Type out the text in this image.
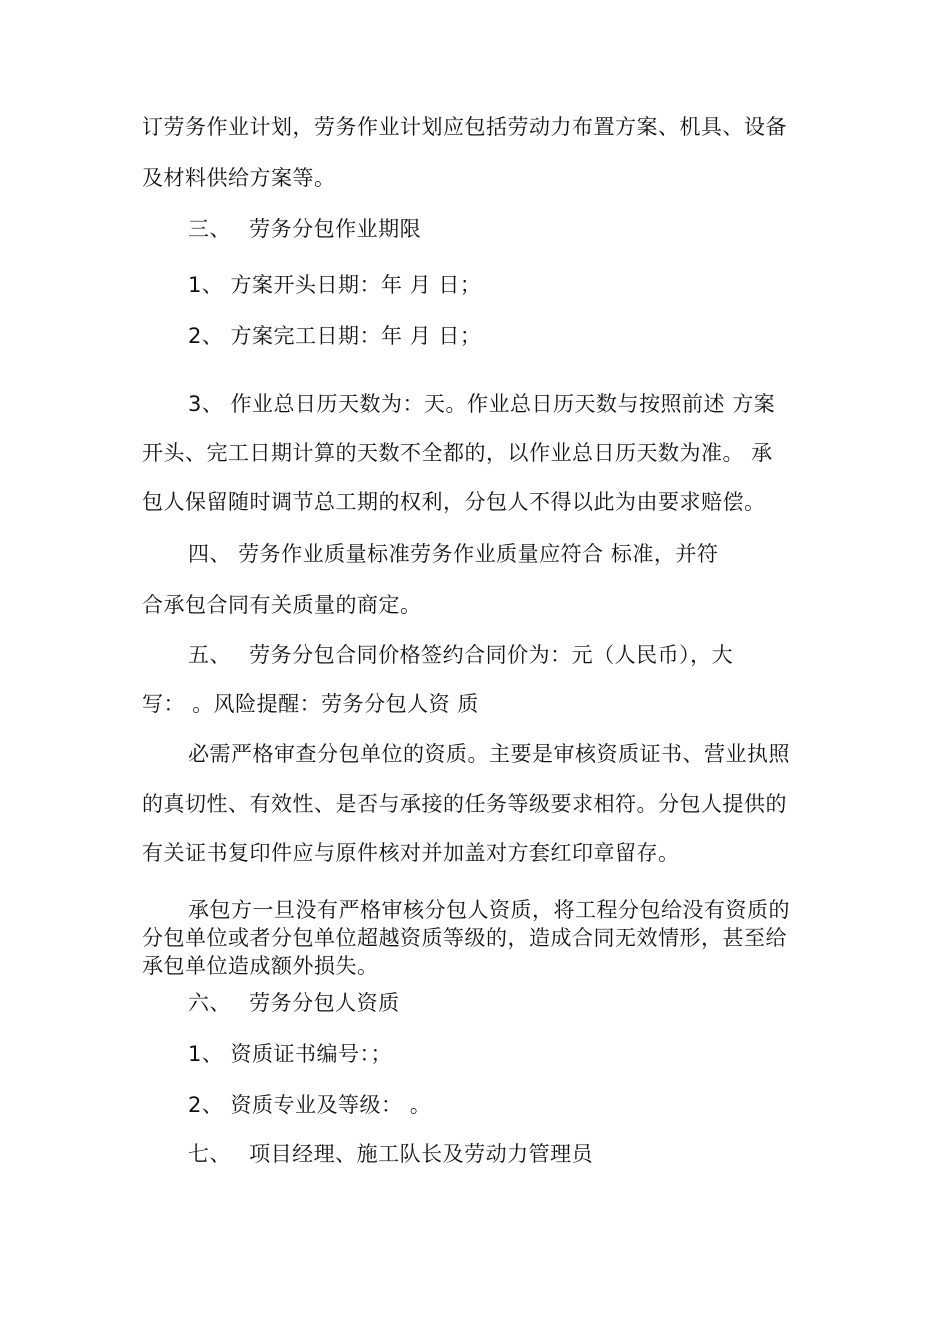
订劳务作业计划，劳务作业计划应包括劳动力布置方案、机具、设备
及材料供给方案等。
三、　 劳务分包作业期限
1、 方案开头日期：年 月 日；
2、 方案完工日期：年 月 日；
3、 作业总日历天数为：天。作业总日历天数与按照前述 方案
开头、完工日期计算的天数不全都的，以作业总日历天数为准。 承
包人保留随时调节总工期的权利，分包人不得以此为由要求赔偿。
四、 劳务作业质量标准劳务作业质量应符合 标准，并符
合承包合同有关质量的商定。
五、　 劳务分包合同价格签约合同价为：元（人民币），大
写： 。风险提醒：劳务分包人资 质
必需严格审查分包单位的资质。主要是审核资质证书、营业执照
的真切性、有效性、是否与承接的任务等级要求相符。分包人提供的
有关证书复印件应与原件核对并加盖对方套红印章留存。
承包方一旦没有严格审核分包人资质，将工程分包给没有资质的
分包单位或者分包单位超越资质等级的，造成合同无效情形，甚至给
承包单位造成额外损失。
六、　 劳务分包人资质
1、 资质证书编号：；
2、 资质专业及等级： 。
七、　 项目经理、施工队长及劳动力管理员
